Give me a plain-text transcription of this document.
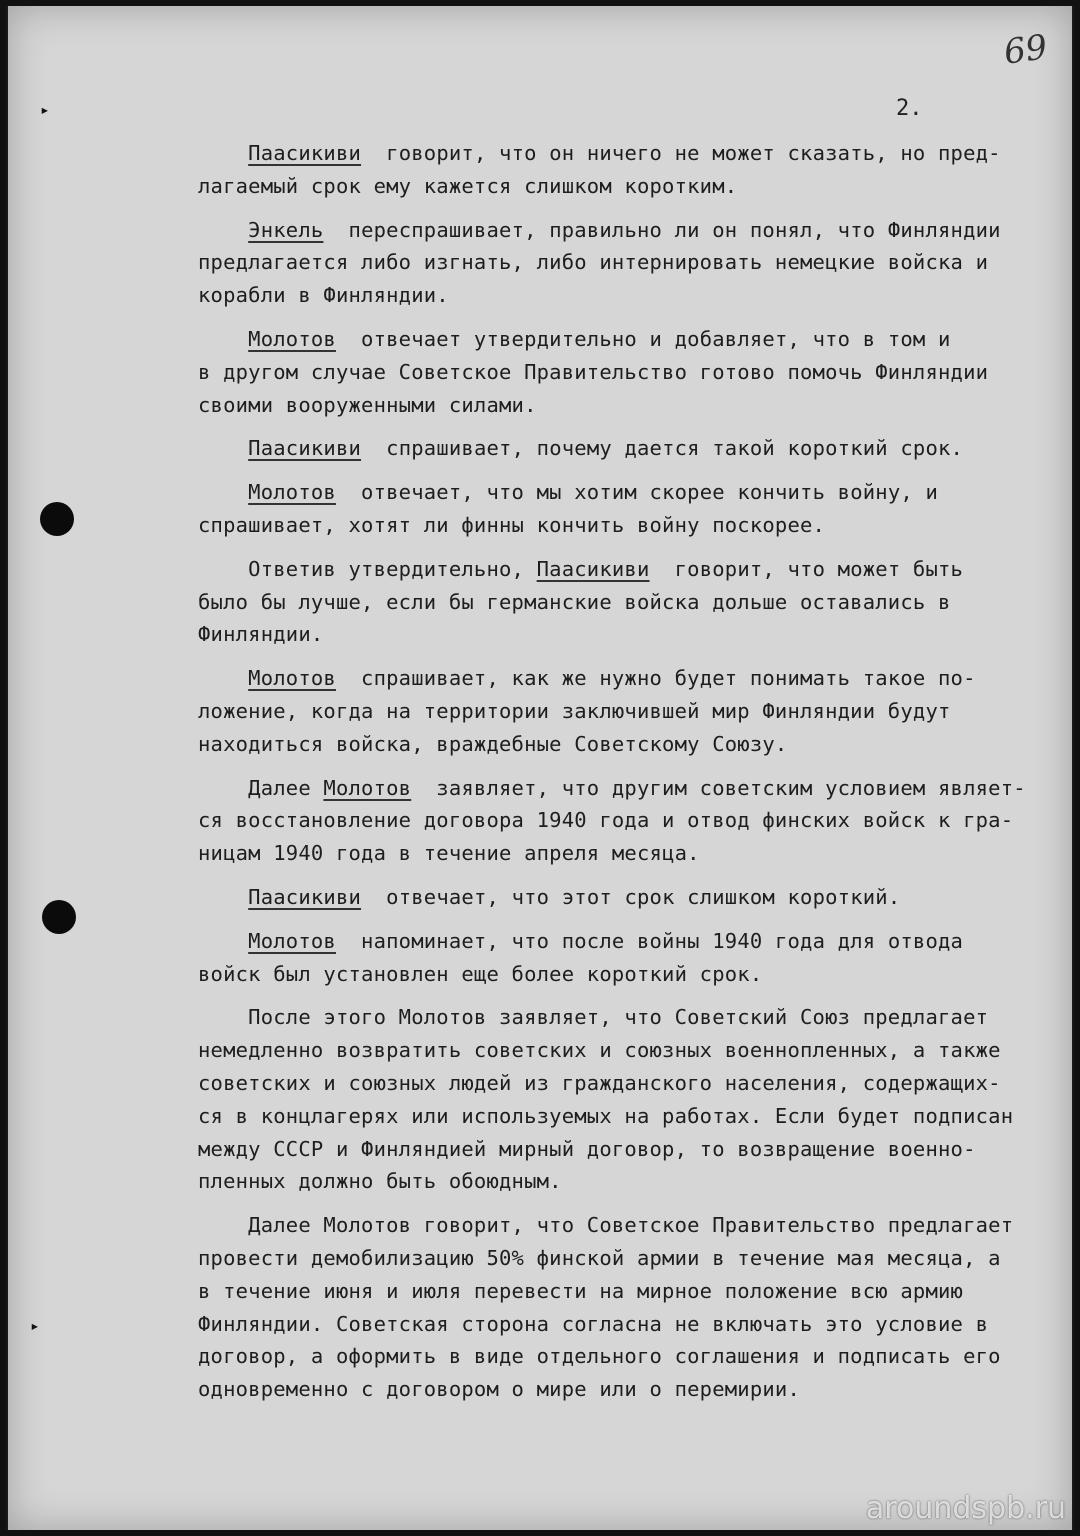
69
2.
▸
▸
Паасикиви  говорит, что он ничего не может сказать, но пред-
лагаемый срок ему кажется слишком коротким.
Энкель  переспрашивает, правильно ли он понял, что Финляндии
предлагается либо изгнать, либо интернировать немецкие войска и
корабли в Финляндии.
Молотов  отвечает утвердительно и добавляет, что в том и
в другом случае Советское Правительство готово помочь Финляндии
своими вооруженными силами.
Паасикиви  спрашивает, почему дается такой короткий срок.
Молотов  отвечает, что мы хотим скорее кончить войну, и
спрашивает, хотят ли финны кончить войну поскорее.
Ответив утвердительно, Паасикиви  говорит, что может быть
было бы лучше, если бы германские войска дольше оставались в
Финляндии.
Молотов  спрашивает, как же нужно будет понимать такое по-
ложение, когда на территории заключившей мир Финляндии будут
находиться войска, враждебные Советскому Союзу.
Далее Молотов  заявляет, что другим советским условием являет-
ся восстановление договора 1940 года и отвод финских войск к гра-
ницам 1940 года в течение апреля месяца.
Паасикиви  отвечает, что этот срок слишком короткий.
Молотов  напоминает, что после войны 1940 года для отвода
войск был установлен еще более короткий срок.
После этого Молотов заявляет, что Советский Союз предлагает
немедленно возвратить советских и союзных военнопленных, а также
советских и союзных людей из гражданского населения, содержащих-
ся в концлагерях или используемых на работах. Если будет подписан
между СССР и Финляндией мирный договор, то возвращение военно-
пленных должно быть обоюдным.
Далее Молотов говорит, что Советское Правительство предлагает
провести демобилизацию 50% финской армии в течение мая месяца, а
в течение июня и июля перевести на мирное положение всю армию
Финляндии. Советская сторона согласна не включать это условие в
договор, а оформить в виде отдельного соглашения и подписать его
одновременно с договором о мире или о перемирии.
aroundspb.ru
